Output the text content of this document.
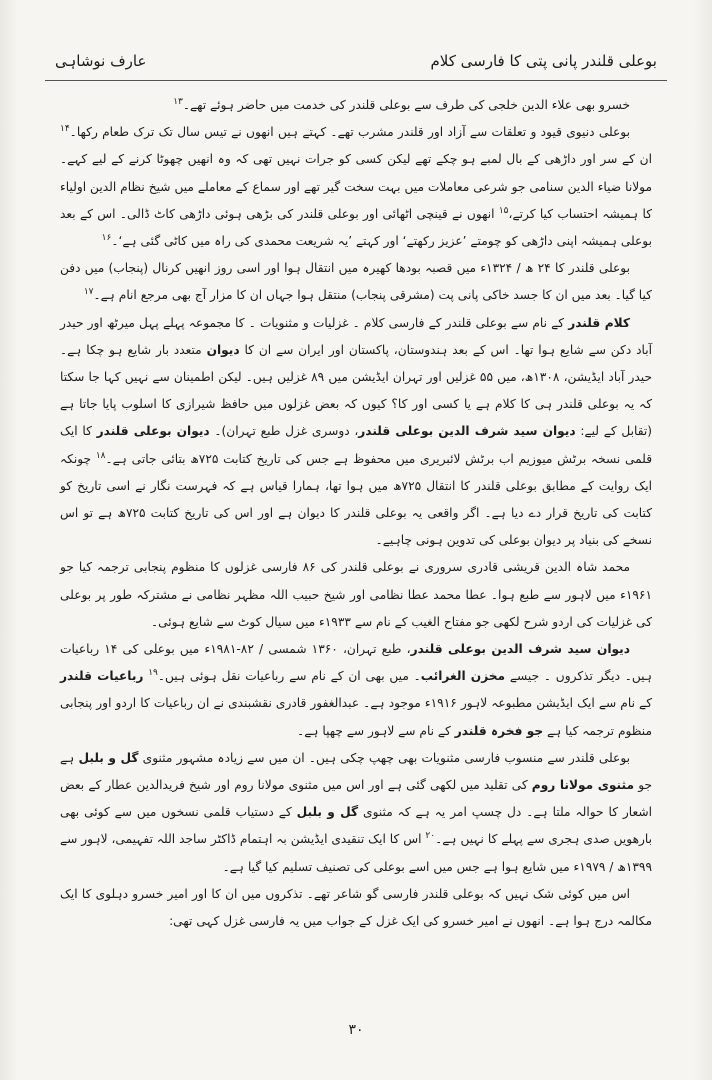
عارف نوشاہی	بوعلی قلندر پانی پتی کا فارسی کلام

خسرو بھی علاء الدین خلجی کی طرف سے بوعلی قلندر کی خدمت میں حاضر ہوئے تھے۔$^{۱۳}$

بوعلی دنیوی قیود و تعلقات سے آزاد اور قلندر مشرب تھے۔ کہتے ہیں انھوں نے تیس سال تک ترک طعام رکھا۔$^{۱۴}$ ان کے سر اور داڑھی کے بال لمبے ہو چکے تھے لیکن کسی کو جرات نہیں تھی کہ وہ انھیں چھوٹا کرنے کے لیے کہے۔ مولانا ضیاء الدین سنامی جو شرعی معاملات میں بہت سخت گیر تھے اور سماع کے معاملے میں شیخ نظام الدین اولیاء کا ہمیشہ احتساب کیا کرتے،$^{۱۵}$ انھوں نے قینچی اٹھائی اور بوعلی قلندر کی بڑھی ہوئی داڑھی کاٹ ڈالی۔ اس کے بعد بوعلی ہمیشہ اپنی داڑھی کو چومتے ’عزیز رکھتے‘ اور کہتے ’یہ شریعت محمدی کی راہ میں کاٹی گئی ہے‘۔$^{۱۶}$

بوعلی قلندر کا ۲۴ ھ / ۱۳۲۴ء میں قصبہ بودھا کھیرہ میں انتقال ہوا اور اسی روز انھیں کرنال (پنجاب) میں دفن کیا گیا۔ بعد میں ان کا جسد خاکی پانی پت (مشرقی پنجاب) منتقل ہوا جہاں ان کا مزار آج بھی مرجع انام ہے۔$^{۱۷}$

کلام قلندر کے نام سے بوعلی قلندر کے فارسی کلام ۔ غزلیات و مثنویات ۔ کا مجموعہ پہلے پہل میرٹھ اور حیدر آباد دکن سے شایع ہوا تھا۔ اس کے بعد ہندوستان، پاکستان اور ایران سے ان کا دیوان متعدد بار شایع ہو چکا ہے۔ حیدر آباد ایڈیشن، ۱۳۰۸ھ، میں ۵۵ غزلیں اور تہران ایڈیشن میں ۸۹ غزلیں ہیں۔ لیکن اطمینان سے نہیں کہا جا سکتا کہ یہ بوعلی قلندر ہی کا کلام ہے یا کسی اور کا؟ کیوں کہ بعض غزلوں میں حافظ شیرازی کا اسلوب پایا جاتا ہے (تقابل کے لیے: دیوان سید شرف الدین بوعلی قلندر، دوسری غزل طبع تہران)۔ دیوان بوعلی قلندر کا ایک قلمی نسخہ برٹش میوزیم اب برٹش لائبریری میں محفوظ ہے جس کی تاریخ کتابت ۷۲۵ھ بتائی جاتی ہے۔$^{۱۸}$ چونکہ ایک روایت کے مطابق بوعلی قلندر کا انتقال ۷۲۵ھ میں ہوا تھا، ہمارا قیاس ہے کہ فہرست نگار نے اسی تاریخ کو کتابت کی تاریخ قرار دے دیا ہے۔ اگر واقعی یہ بوعلی قلندر کا دیوان ہے اور اس کی تاریخ کتابت ۷۲۵ھ ہے تو اس نسخے کی بنیاد پر دیوان بوعلی کی تدوین ہونی چاہیے۔

محمد شاہ الدین قریشی قادری سروری نے بوعلی قلندر کی ۸۶ فارسی غزلوں کا منظوم پنجابی ترجمہ کیا جو ۱۹۶۱ء میں لاہور سے طبع ہوا۔ عطا محمد عطا نظامی اور شیخ حبیب اللہ مظہر نظامی نے مشترکہ طور پر بوعلی کی غزلیات کی اردو شرح لکھی جو مفتاح الغیب کے نام سے ۱۹۳۳ء میں سیال کوٹ سے شایع ہوئی۔

دیوان سید شرف الدین بوعلی قلندر، طبع تہران، ۱۳۶۰ شمسی / ۸۲-۱۹۸۱ء میں بوعلی کی ۱۴ رباعیات ہیں۔ دیگر تذکروں ۔ جیسے مخزن الغرائب۔ میں بھی ان کے نام سے رباعیات نقل ہوئی ہیں۔$^{۱۹}$ رباعیات قلندر کے نام سے ایک ایڈیشن مطبوعہ لاہور ۱۹۱۶ء موجود ہے۔ عبدالغفور قادری نقشبندی نے ان رباعیات کا اردو اور پنجابی منظوم ترجمہ کیا ہے جو فخرہ قلندر کے نام سے لاہور سے چھپا ہے۔

بوعلی قلندر سے منسوب فارسی مثنویات بھی چھپ چکی ہیں۔ ان میں سے زیادہ مشہور مثنوی گل و بلبل ہے جو مثنوی مولانا روم کی تقلید میں لکھی گئی ہے اور اس میں مثنوی مولانا روم اور شیخ فریدالدین عطار کے بعض اشعار کا حوالہ ملتا ہے۔ دل چسپ امر یہ ہے کہ مثنوی گل و بلبل کے دستیاب قلمی نسخوں میں سے کوئی بھی بارھویں صدی ہجری سے پہلے کا نہیں ہے۔$^{۲۰}$ اس کا ایک تنقیدی ایڈیشن بہ اہتمام ڈاکٹر ساجد اللہ تفہیمی، لاہور سے ۱۳۹۹ھ / ۱۹۷۹ء میں شایع ہوا ہے جس میں اسے بوعلی کی تصنیف تسلیم کیا گیا ہے۔

اس میں کوئی شک نہیں کہ بوعلی قلندر فارسی گو شاعر تھے۔ تذکروں میں ان کا اور امیر خسرو دہلوی کا ایک مکالمہ درج ہوا ہے۔ انھوں نے امیر خسرو کی ایک غزل کے جواب میں یہ فارسی غزل کہی تھی:

۳۰
